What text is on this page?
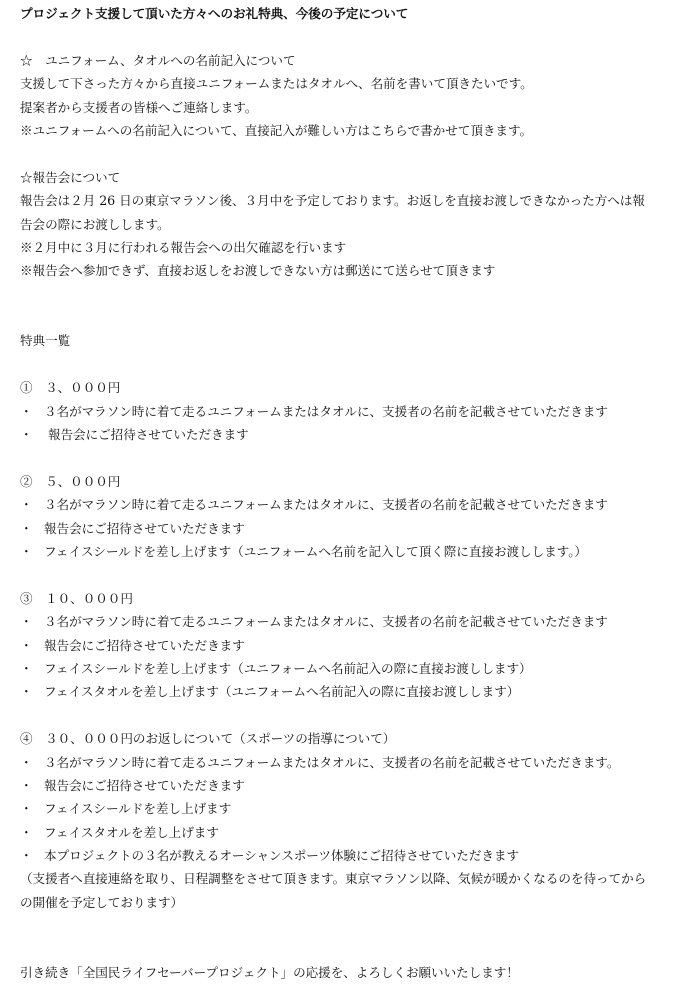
プロジェクト支援して頂いた方々へのお礼特典、今後の予定について
☆　ユニフォーム、タオルへの名前記入について
支援して下さった方々から直接ユニフォームまたはタオルへ、名前を書いて頂きたいです。
提案者から支援者の皆様へご連絡します。
※ユニフォームへの名前記入について、直接記入が難しい方はこちらで書かせて頂きます。
☆報告会について
報告会は２月 26 日の東京マラソン後、３月中を予定しております。お返しを直接お渡しできなかった方へは報
告会の際にお渡しします。
※２月中に３月に行われる報告会への出欠確認を行います
※報告会へ参加できず、直接お返しをお渡しできない方は郵送にて送らせて頂きます
特典一覧
①　３、０００円
・ ３名がマラソン時に着て走るユニフォームまたはタオルに、支援者の名前を記載させていただきます
・ 報告会にご招待させていただきます
②　５、０００円
・ ３名がマラソン時に着て走るユニフォームまたはタオルに、支援者の名前を記載させていただきます
・ 報告会にご招待させていただきます
・ フェイスシールドを差し上げます（ユニフォームへ名前を記入して頂く際に直接お渡しします。）
③　１０、０００円
・ ３名がマラソン時に着て走るユニフォームまたはタオルに、支援者の名前を記載させていただきます
・ 報告会にご招待させていただきます
・ フェイスシールドを差し上げます（ユニフォームへ名前記入の際に直接お渡しします）
・ フェイスタオルを差し上げます（ユニフォームへ名前記入の際に直接お渡しします）
④　３０、０００円のお返しについて（スポーツの指導について）
・ ３名がマラソン時に着て走るユニフォームまたはタオルに、支援者の名前を記載させていただきます。
・ 報告会にご招待させていただきます
・ フェイスシールドを差し上げます
・ フェイスタオルを差し上げます
・ 本プロジェクトの３名が教えるオーシャンスポーツ体験にご招待させていただきます
（支援者へ直接連絡を取り、日程調整をさせて頂きます。東京マラソン以降、気候が暖かくなるのを待ってから
の開催を予定しております）
引き続き「全国民ライフセーバープロジェクト」の応援を、よろしくお願いいたします！
